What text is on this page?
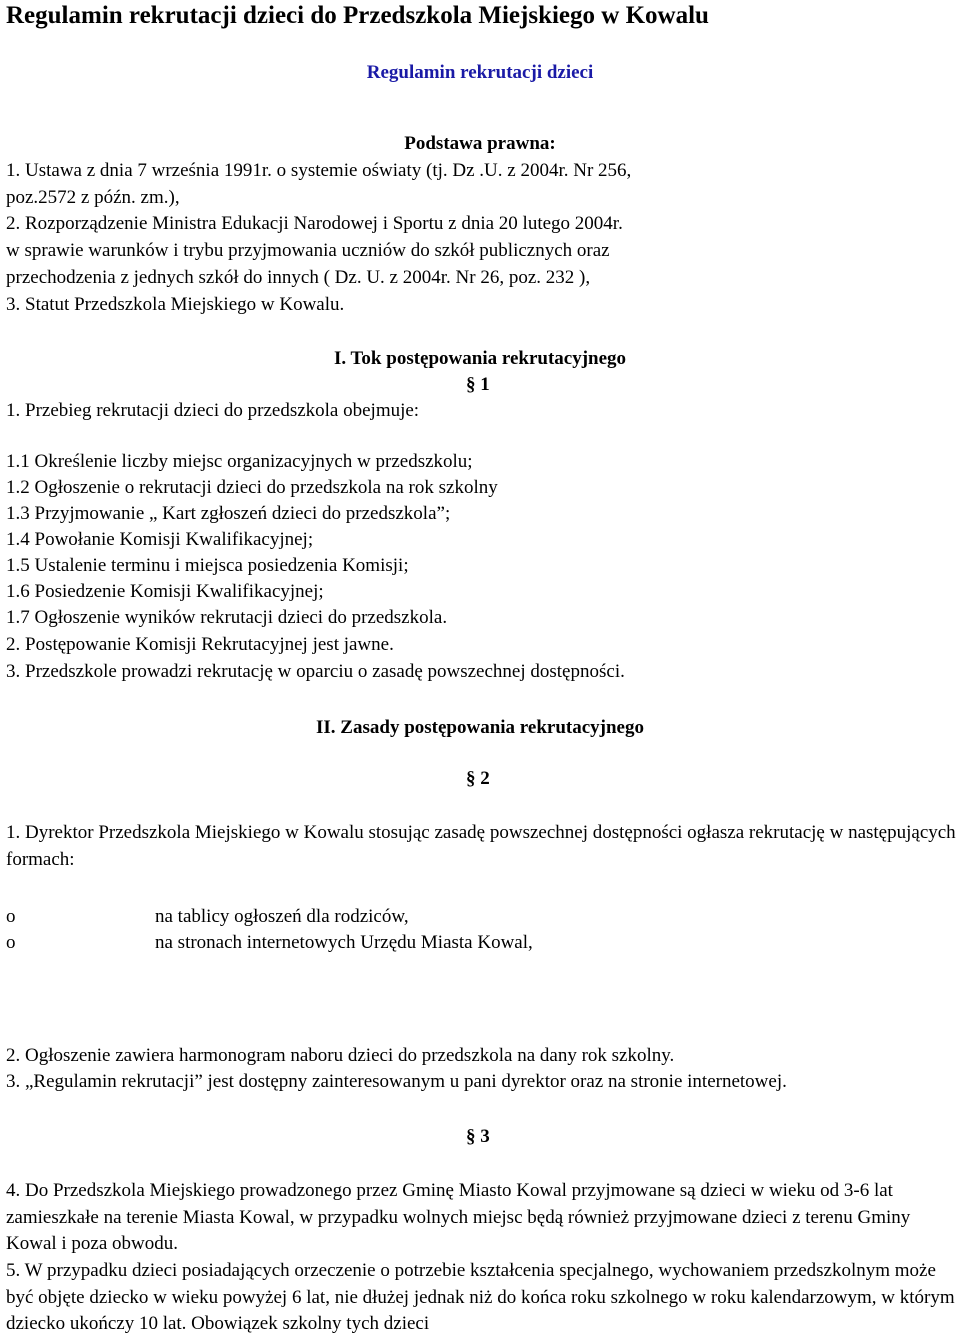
Regulamin rekrutacji dzieci do Przedszkola Miejskiego w Kowalu
Regulamin rekrutacji dzieci
Podstawa prawna:
1. Ustawa z dnia 7 września 1991r. o systemie oświaty (tj. Dz .U. z 2004r. Nr 256,
poz.2572 z późn. zm.),
2. Rozporządzenie Ministra Edukacji Narodowej i Sportu z dnia 20 lutego 2004r.
w sprawie warunków i trybu przyjmowania uczniów do szkół publicznych oraz
przechodzenia z jednych szkół do innych ( Dz. U. z 2004r. Nr 26, poz. 232 ),
3. Statut Przedszkola Miejskiego w Kowalu.
I. Tok postępowania rekrutacyjnego
§ 1
1. Przebieg rekrutacji dzieci do przedszkola obejmuje:
1.1 Określenie liczby miejsc organizacyjnych w przedszkolu;
1.2 Ogłoszenie o rekrutacji dzieci do przedszkola na rok szkolny
1.3 Przyjmowanie „ Kart zgłoszeń dzieci do przedszkola”;
1.4 Powołanie Komisji Kwalifikacyjnej;
1.5 Ustalenie terminu i miejsca posiedzenia Komisji;
1.6 Posiedzenie Komisji Kwalifikacyjnej;
1.7 Ogłoszenie wyników rekrutacji dzieci do przedszkola.
2. Postępowanie Komisji Rekrutacyjnej jest jawne.
3. Przedszkole prowadzi rekrutację w oparciu o zasadę powszechnej dostępności.
II. Zasady postępowania rekrutacyjnego
§ 2
1. Dyrektor Przedszkola Miejskiego w Kowalu stosując zasadę powszechnej dostępności ogłasza rekrutację w następujących formach:
o	na tablicy ogłoszeń dla rodziców,
o	na stronach internetowych Urzędu Miasta Kowal,
2. Ogłoszenie zawiera harmonogram naboru dzieci do przedszkola na dany rok szkolny.
3. „Regulamin rekrutacji” jest dostępny zainteresowanym u pani dyrektor oraz na stronie internetowej.
§ 3
4. Do Przedszkola Miejskiego prowadzonego przez Gminę Miasto Kowal przyjmowane są dzieci w wieku od 3-6 lat zamieszkałe na terenie Miasta Kowal, w przypadku wolnych miejsc będą również przyjmowane dzieci z terenu Gminy Kowal i poza obwodu.
5. W przypadku dzieci posiadających orzeczenie o potrzebie kształcenia specjalnego, wychowaniem przedszkolnym może być objęte dziecko w wieku powyżej 6 lat, nie dłużej jednak niż do końca roku szkolnego w roku kalendarzowym, w którym dziecko ukończy 10 lat. Obowiązek szkolny tych dzieci
